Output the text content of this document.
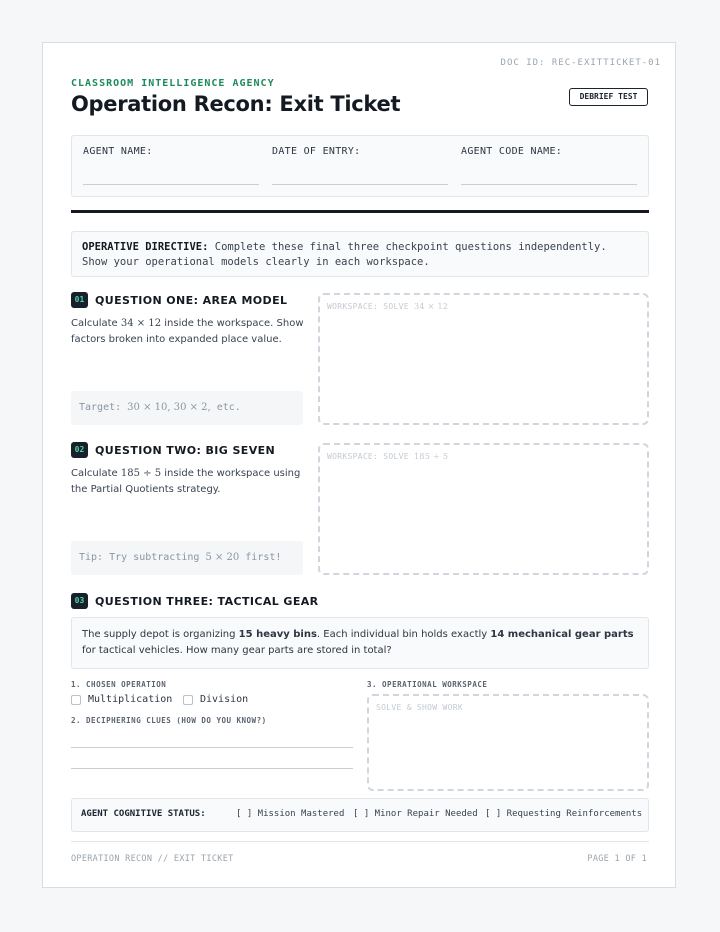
DOC ID: REC-EXITTICKET-01
CLASSROOM INTELLIGENCE AGENCY
Operation Recon: Exit Ticket	DEBRIEF TEST
AGENT NAME:	DATE OF ENTRY:	AGENT CODE NAME:
OPERATIVE DIRECTIVE: Complete these final three checkpoint questions independently. Show your operational models clearly in each workspace.
01 QUESTION ONE: AREA MODEL
Calculate 34 × 12 inside the workspace. Show factors broken into expanded place value.
Target: 30 × 10, 30 × 2, etc.
WORKSPACE: SOLVE 34 × 12
02 QUESTION TWO: BIG SEVEN
Calculate 185 ÷ 5 inside the workspace using the Partial Quotients strategy.
Tip: Try subtracting 5 × 20 first!
WORKSPACE: SOLVE 185 ÷ 5
03 QUESTION THREE: TACTICAL GEAR
The supply depot is organizing 15 heavy bins. Each individual bin holds exactly 14 mechanical gear parts for tactical vehicles. How many gear parts are stored in total?
1. CHOSEN OPERATION
Multiplication	Division
2. DECIPHERING CLUES (HOW DO YOU KNOW?)
3. OPERATIONAL WORKSPACE
SOLVE & SHOW WORK
AGENT COGNITIVE STATUS:	[ ] Mission Mastered [ ] Minor Repair Needed [ ] Requesting Reinforcements
OPERATION RECON // EXIT TICKET	PAGE 1 OF 1
